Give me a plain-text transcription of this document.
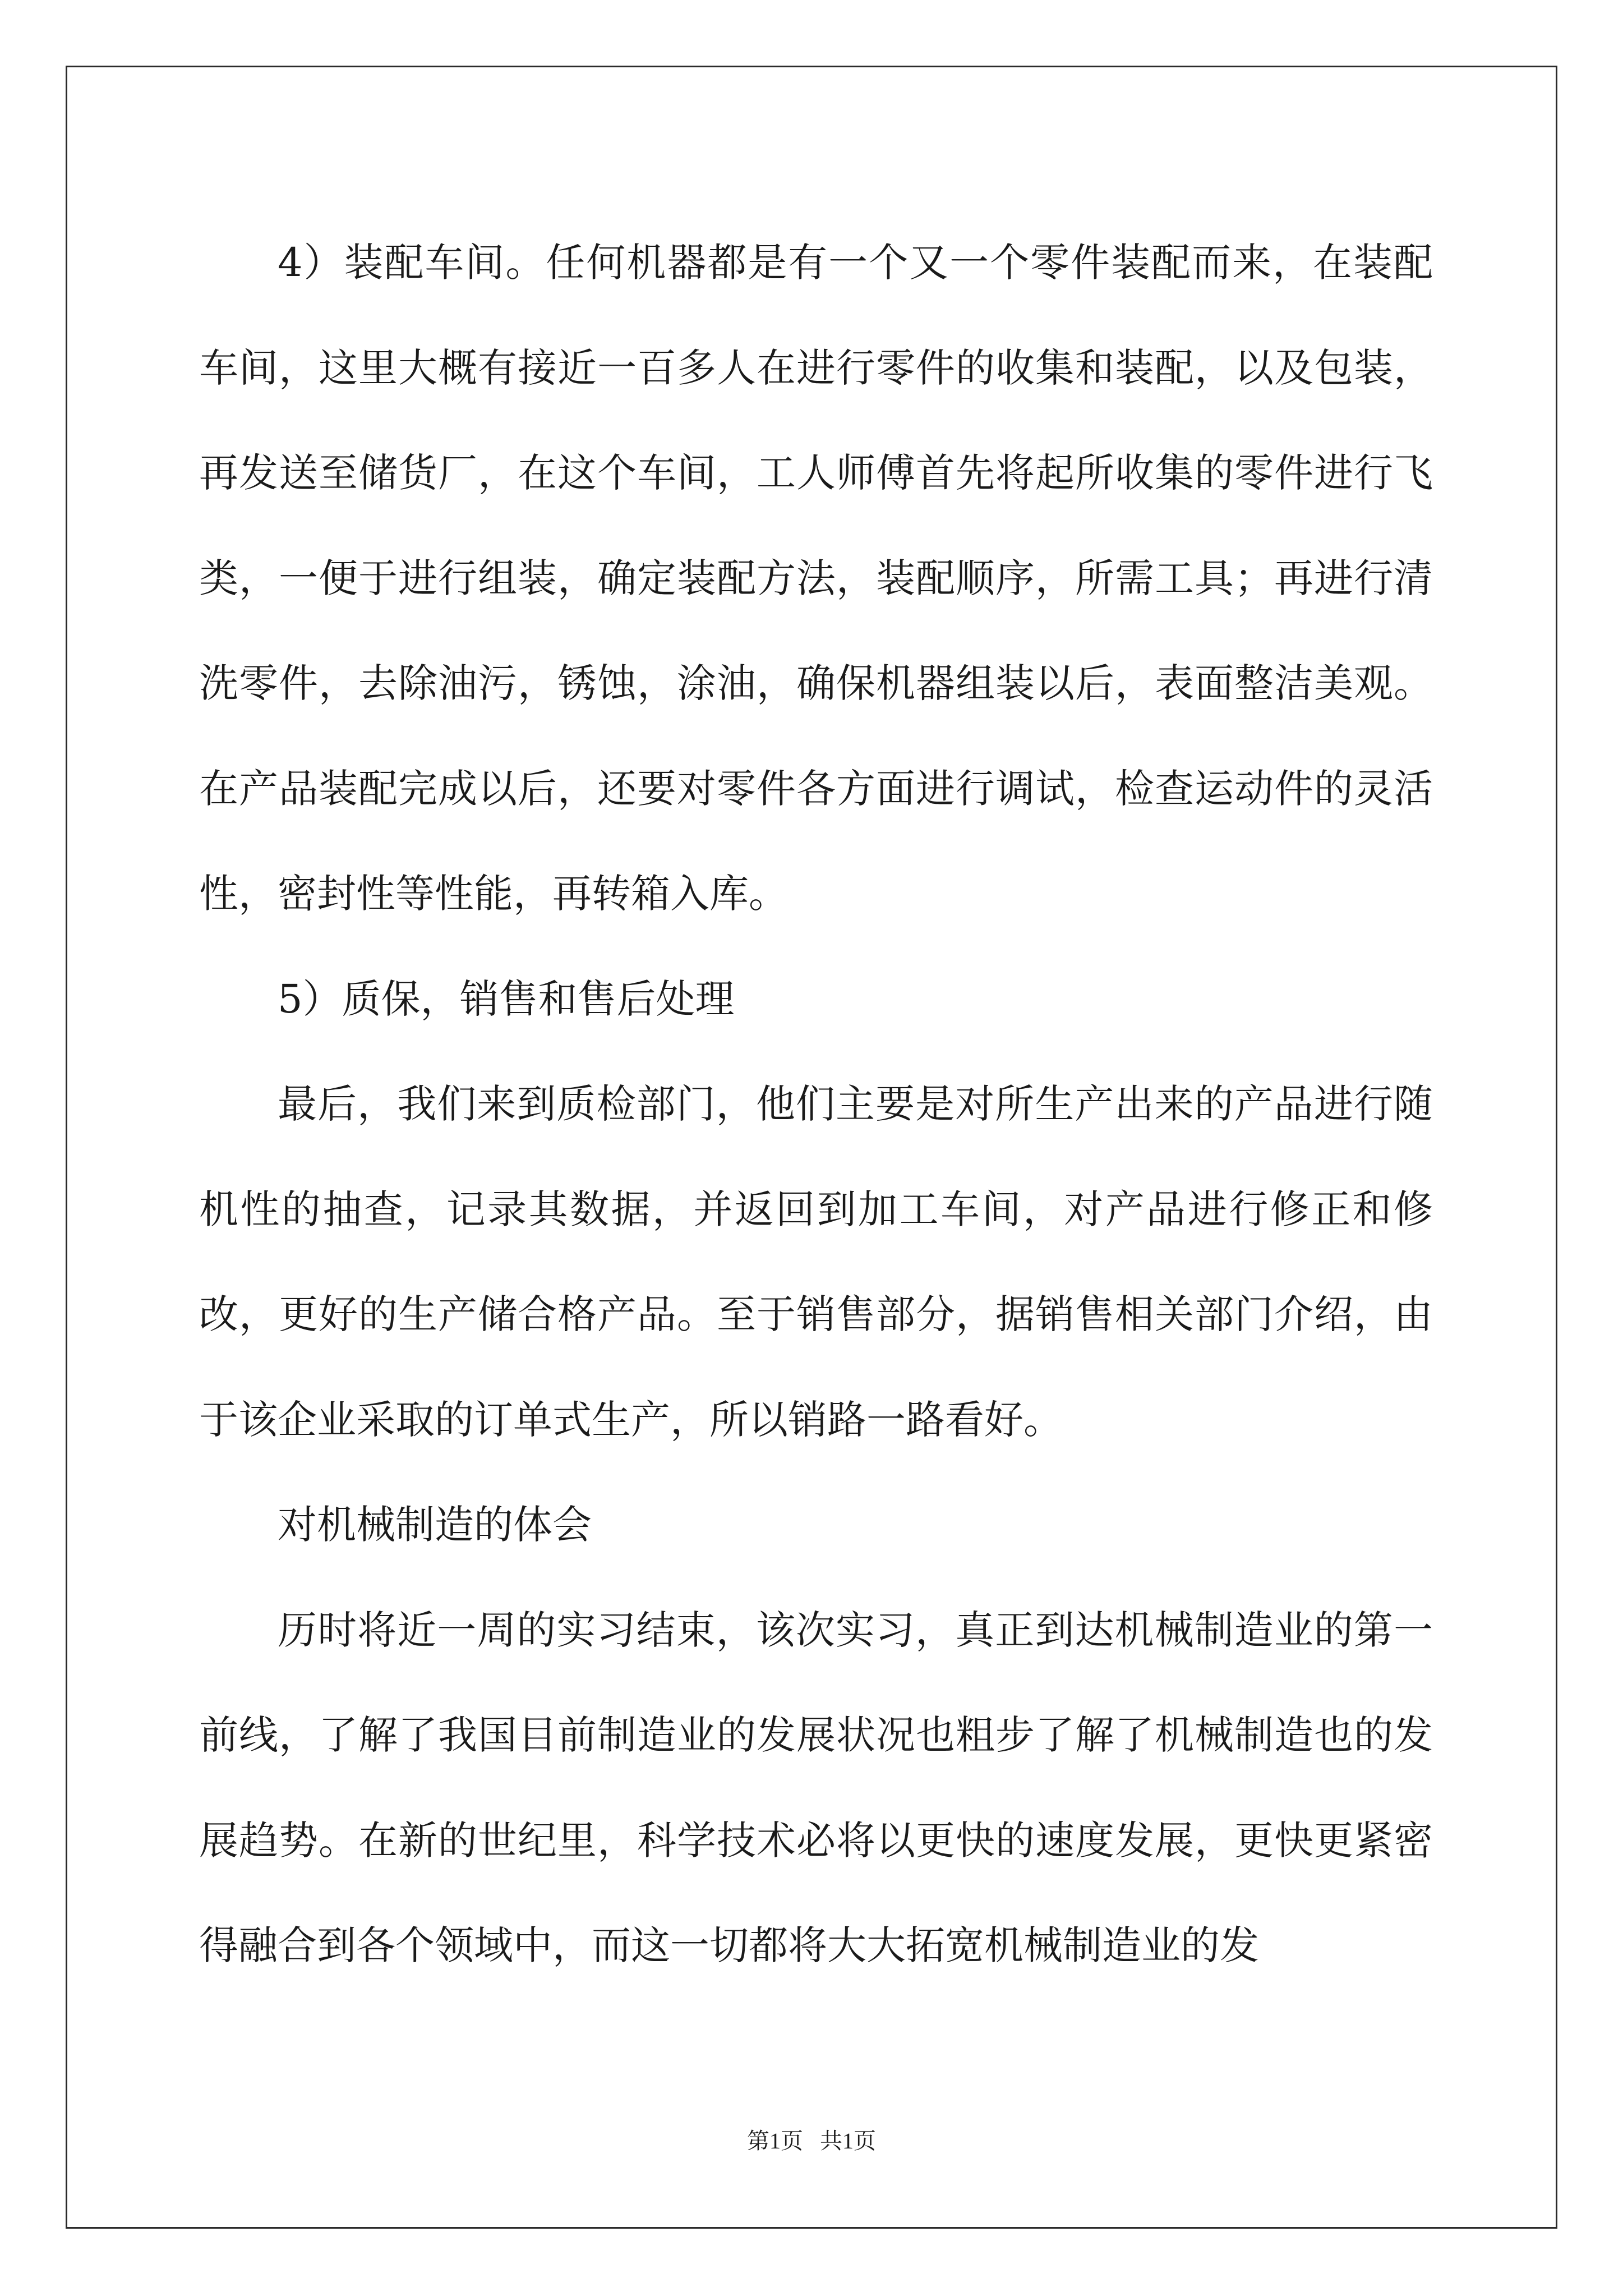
4）装配车间。任何机器都是有一个又一个零件装配而来，在装配车间，这里大概有接近一百多人在进行零件的收集和装配，以及包装，再发送至储货厂，在这个车间，工人师傅首先将起所收集的零件进行飞类，一便于进行组装，确定装配方法，装配顺序，所需工具；再进行清洗零件，去除油污，锈蚀，涂油，确保机器组装以后，表面整洁美观。在产品装配完成以后，还要对零件各方面进行调试，检查运动件的灵活性，密封性等性能，再转箱入库。

5）质保，销售和售后处理

最后，我们来到质检部门，他们主要是对所生产出来的产品进行随机性的抽查，记录其数据，并返回到加工车间，对产品进行修正和修改，更好的生产储合格产品。至于销售部分，据销售相关部门介绍，由于该企业采取的订单式生产，所以销路一路看好。

对机械制造的体会

历时将近一周的实习结束，该次实习，真正到达机械制造业的第一前线，了解了我国目前制造业的发展状况也粗步了解了机械制造也的发展趋势。在新的世纪里，科学技术必将以更快的速度发展，更快更紧密得融合到各个领域中，而这一切都将大大拓宽机械制造业的发

第1页   共1页
